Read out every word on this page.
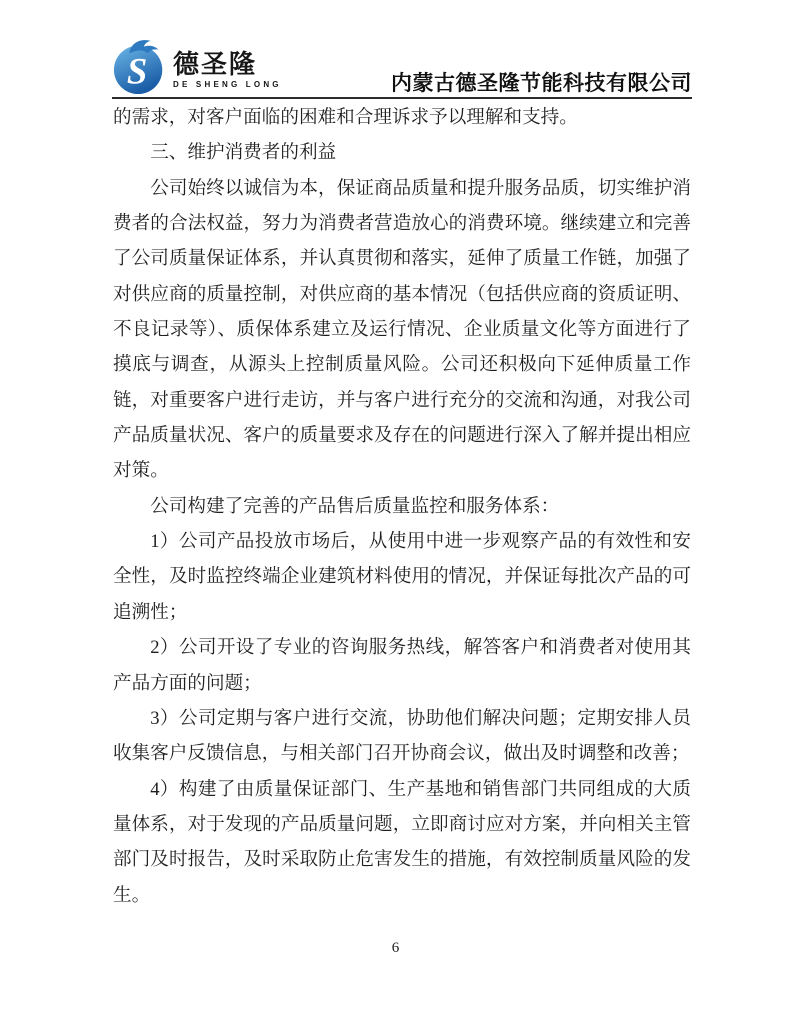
S 德圣隆
DE SHENG LONG	内蒙古德圣隆节能科技有限公司

的需求，对客户面临的困难和合理诉求予以理解和支持。

三、维护消费者的利益

公司始终以诚信为本，保证商品质量和提升服务品质，切实维护消费者的合法权益，努力为消费者营造放心的消费环境。继续建立和完善了公司质量保证体系，并认真贯彻和落实，延伸了质量工作链，加强了对供应商的质量控制，对供应商的基本情况（包括供应商的资质证明、不良记录等）、质保体系建立及运行情况、企业质量文化等方面进行了摸底与调查，从源头上控制质量风险。公司还积极向下延伸质量工作链，对重要客户进行走访，并与客户进行充分的交流和沟通，对我公司产品质量状况、客户的质量要求及存在的问题进行深入了解并提出相应对策。

公司构建了完善的产品售后质量监控和服务体系：

1）公司产品投放市场后，从使用中进一步观察产品的有效性和安全性，及时监控终端企业建筑材料使用的情况，并保证每批次产品的可追溯性；

2）公司开设了专业的咨询服务热线，解答客户和消费者对使用其产品方面的问题；

3）公司定期与客户进行交流，协助他们解决问题；定期安排人员收集客户反馈信息，与相关部门召开协商会议，做出及时调整和改善；

4）构建了由质量保证部门、生产基地和销售部门共同组成的大质量体系，对于发现的产品质量问题，立即商讨应对方案，并向相关主管部门及时报告，及时采取防止危害发生的措施，有效控制质量风险的发生。

6
